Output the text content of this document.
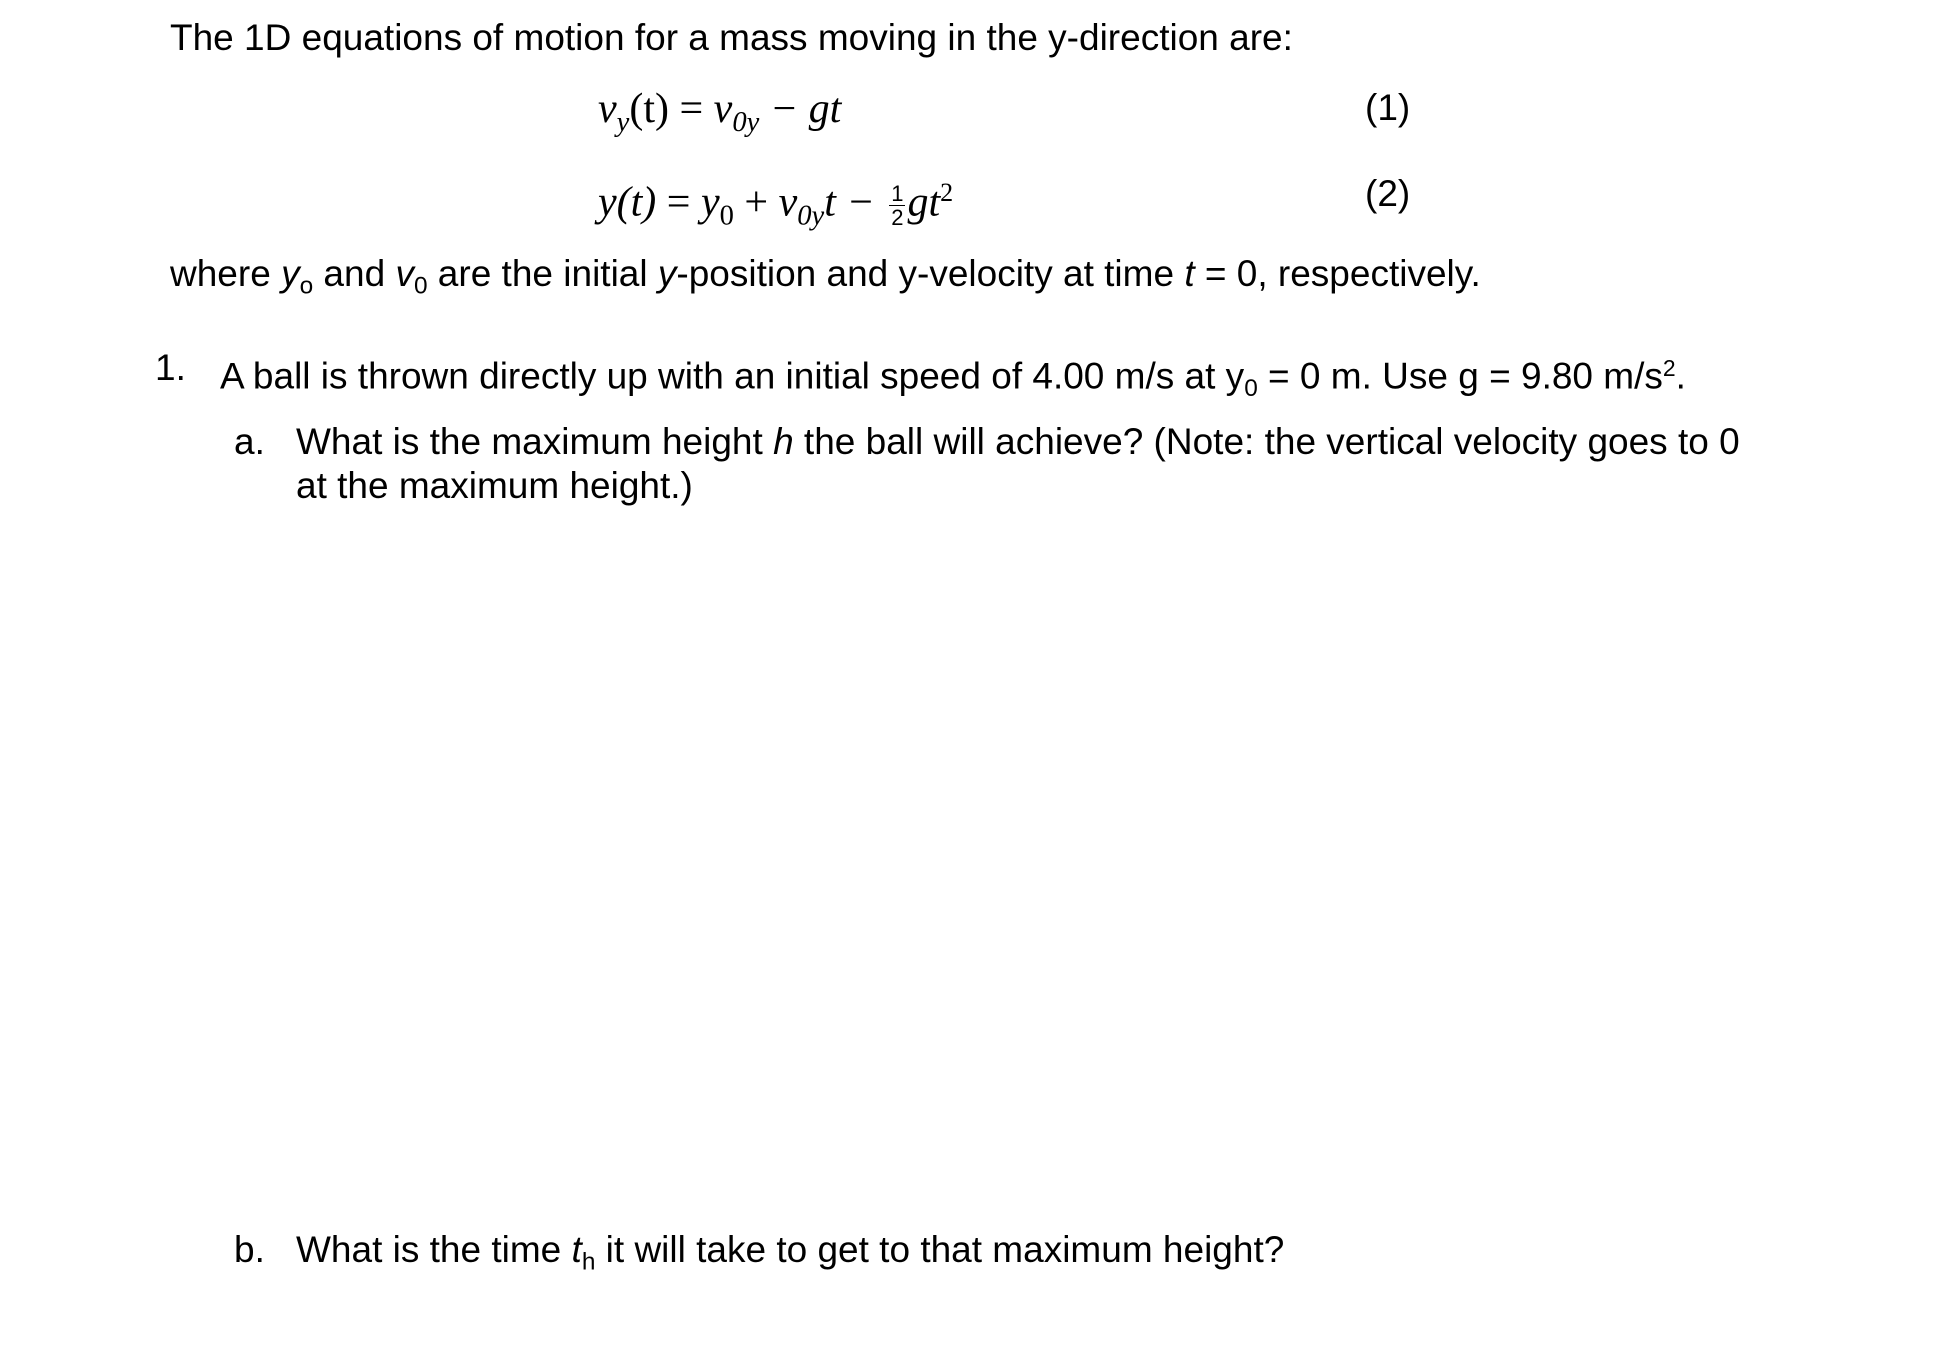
The 1D equations of motion for a mass moving in the y-direction are:
$v_y(t) = v_{0y}$ − gt	(1)
$y(t) = y_0 + v_{0y}t - \frac{1}{2} gt^2$	(2)
where yo and v0 are the initial y-position and y-velocity at time t = 0, respectively.
1. A ball is thrown directly up with an initial speed of 4.00 m/s at y0 = 0 m. Use g = 9.80 $m/s^2$.
a. What is the maximum height h the ball will achieve? (Note: the vertical velocity goes to 0
at the maximum height.)
b. What is the time th it will take to get to that maximum height?
